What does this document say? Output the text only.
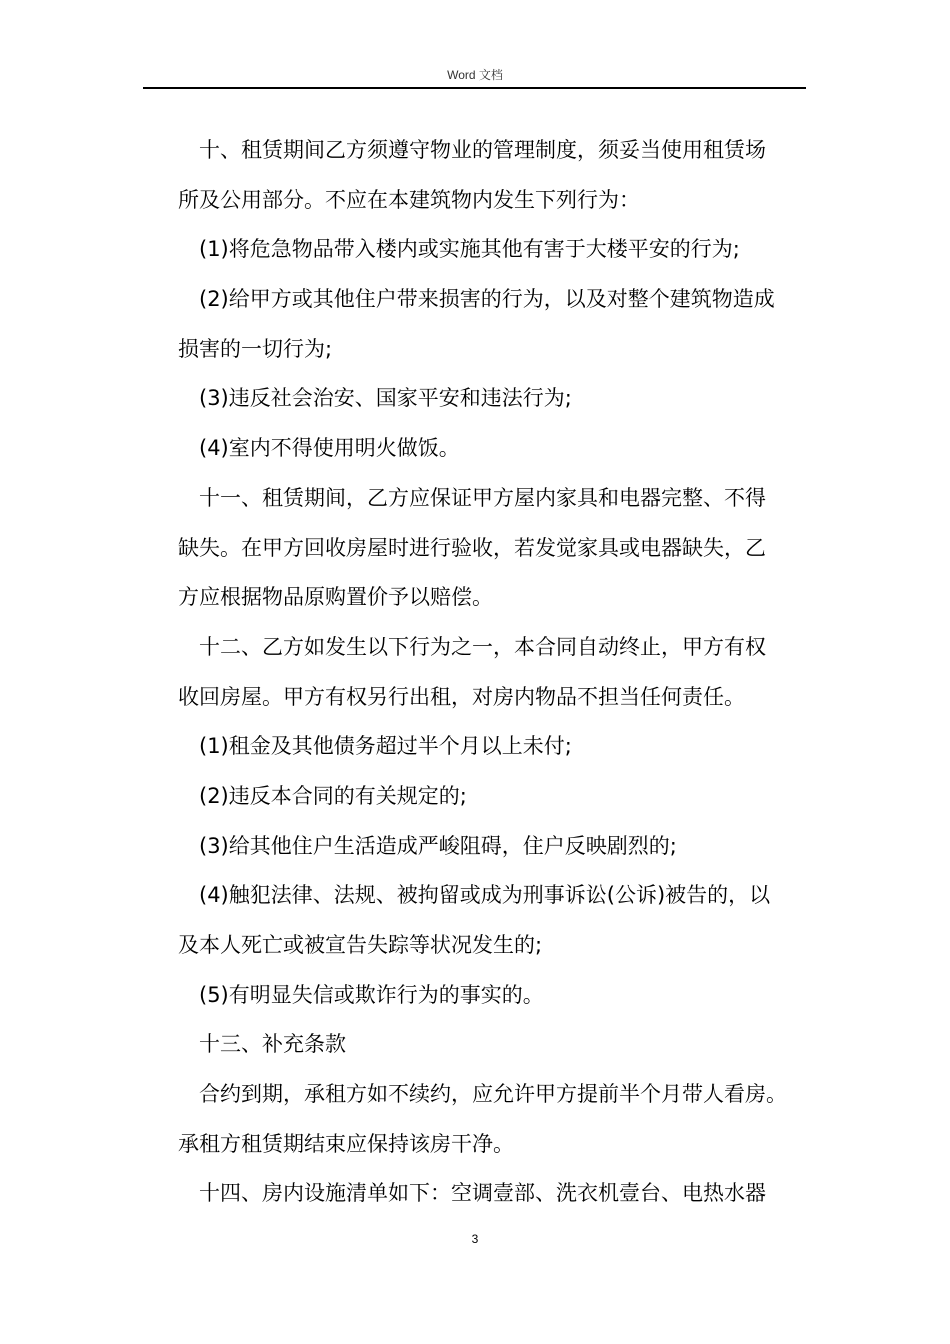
Word 文档
十、租赁期间乙方须遵守物业的管理制度，须妥当使用租赁场
所及公用部分。不应在本建筑物内发生下列行为：
(1)将危急物品带入楼内或实施其他有害于大楼平安的行为;
(2)给甲方或其他住户带来损害的行为，以及对整个建筑物造成
损害的一切行为;
(3)违反社会治安、国家平安和违法行为;
(4)室内不得使用明火做饭。
十一、租赁期间，乙方应保证甲方屋内家具和电器完整、不得
缺失。在甲方回收房屋时进行验收，若发觉家具或电器缺失，乙
方应根据物品原购置价予以赔偿。
十二、乙方如发生以下行为之一，本合同自动终止，甲方有权
收回房屋。甲方有权另行出租，对房内物品不担当任何责任。
(1)租金及其他债务超过半个月以上未付;
(2)违反本合同的有关规定的;
(3)给其他住户生活造成严峻阻碍，住户反映剧烈的;
(4)触犯法律、法规、被拘留或成为刑事诉讼(公诉)被告的，以
及本人死亡或被宣告失踪等状况发生的;
(5)有明显失信或欺诈行为的事实的。
十三、补充条款
合约到期，承租方如不续约，应允许甲方提前半个月带人看房。
承租方租赁期结束应保持该房干净。
十四、房内设施清单如下：空调壹部、洗衣机壹台、电热水器
3
